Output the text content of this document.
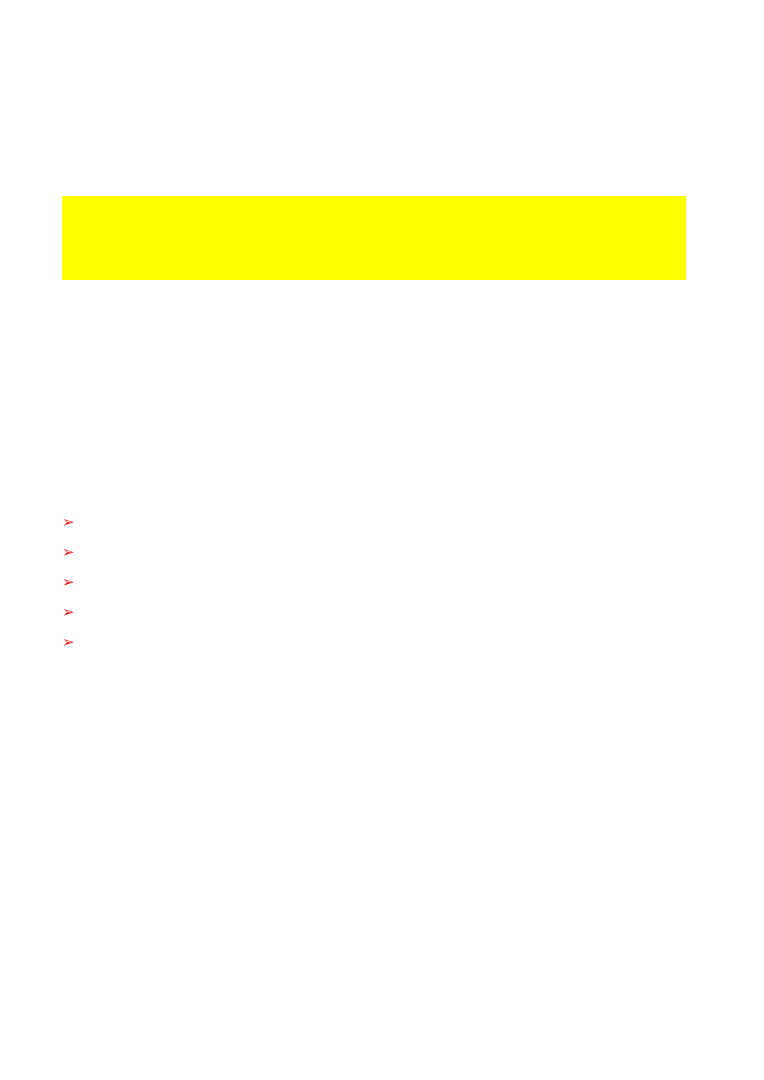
➢
➢
➢
➢
➢
